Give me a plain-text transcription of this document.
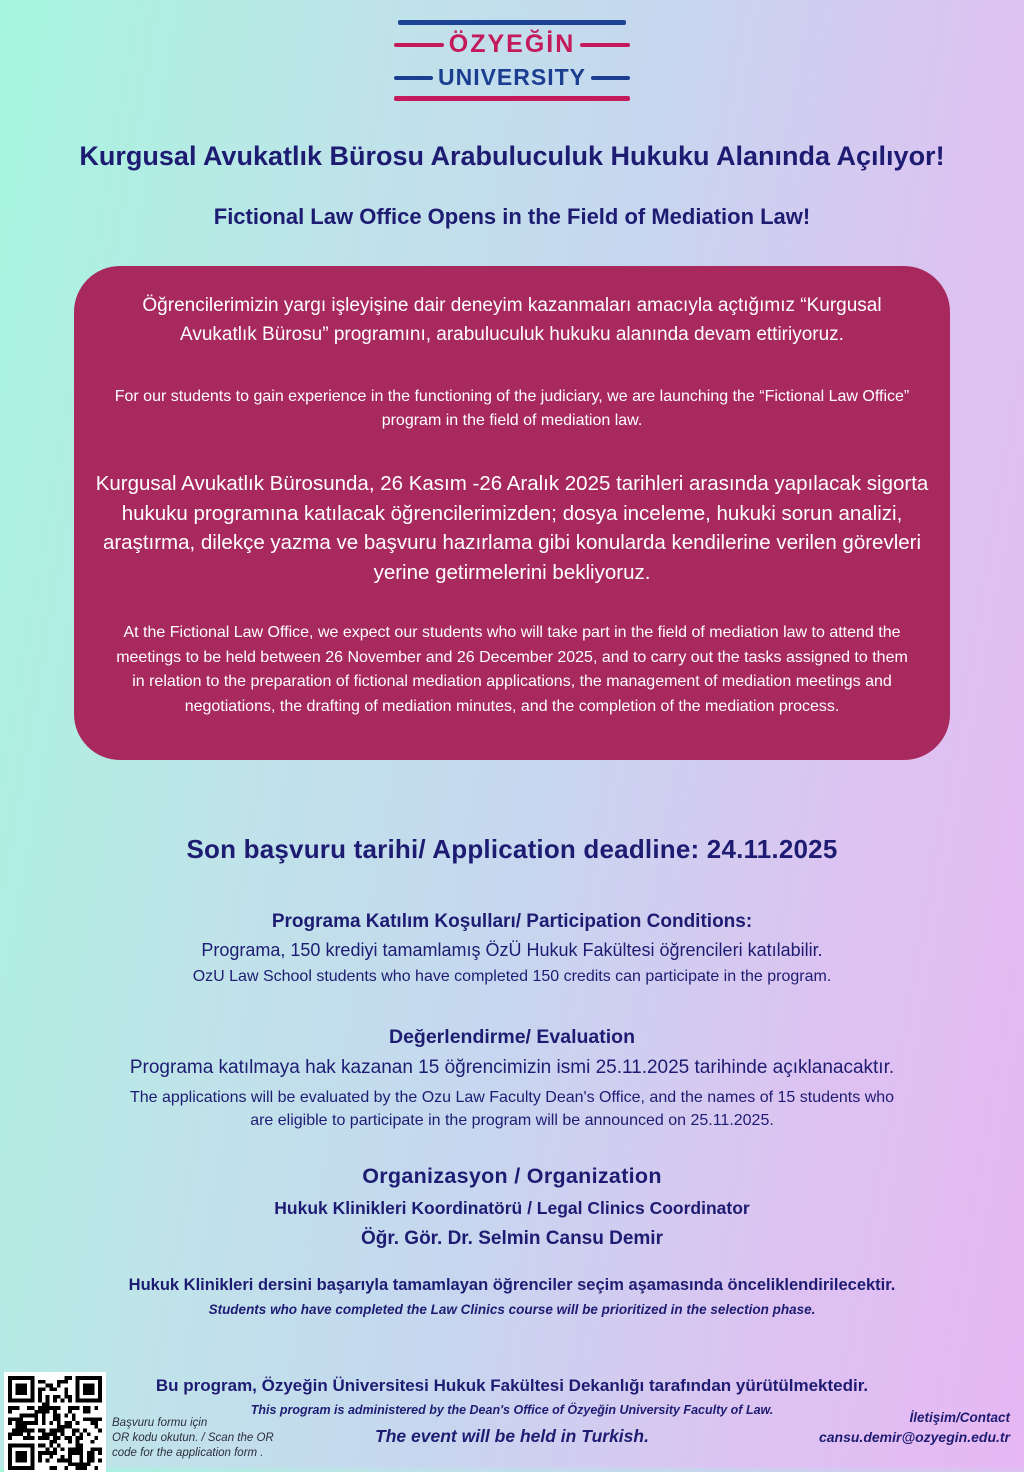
ÖZYEĞİN
UNIVERSITY
Kurgusal Avukatlık Bürosu Arabuluculuk Hukuku Alanında Açılıyor!
Fictional Law Office Opens in the Field of Mediation Law!

Öğrencilerimizin yargı işleyişine dair deneyim kazanmaları amacıyla açtığımız “Kurgusal Avukatlık Bürosu” programını, arabuluculuk hukuku alanında devam ettiriyoruz.

For our students to gain experience in the functioning of the judiciary, we are launching the “Fictional Law Office” program in the field of mediation law.

Kurgusal Avukatlık Bürosunda, 26 Kasım -26 Aralık 2025 tarihleri arasında yapılacak sigorta hukuku programına katılacak öğrencilerimizden; dosya inceleme, hukuki sorun analizi, araştırma, dilekçe yazma ve başvuru hazırlama gibi konularda kendilerine verilen görevleri yerine getirmelerini bekliyoruz.

At the Fictional Law Office, we expect our students who will take part in the field of mediation law to attend the meetings to be held between 26 November and 26 December 2025, and to carry out the tasks assigned to them in relation to the preparation of fictional mediation applications, the management of mediation meetings and negotiations, the drafting of mediation minutes, and the completion of the mediation process.

Son başvuru tarihi/ Application deadline: 24.11.2025
Programa Katılım Koşulları/ Participation Conditions:
Programa, 150 krediyi tamamlamış ÖzÜ Hukuk Fakültesi öğrencileri katılabilir.
OzU Law School students who have completed 150 credits can participate in the program.
Değerlendirme/ Evaluation
Programa katılmaya hak kazanan 15 öğrencimizin ismi 25.11.2025 tarihinde açıklanacaktır.
The applications will be evaluated by the Ozu Law Faculty Dean's Office, and the names of 15 students who are eligible to participate in the program will be announced on 25.11.2025.
Organizasyon / Organization
Hukuk Klinikleri Koordinatörü / Legal Clinics Coordinator
Öğr. Gör. Dr. Selmin Cansu Demir
Hukuk Klinikleri dersini başarıyla tamamlayan öğrenciler seçim aşamasında önceliklendirilecektir.
Students who have completed the Law Clinics course will be prioritized in the selection phase.
Bu program, Özyeğin Üniversitesi Hukuk Fakültesi Dekanlığı tarafından yürütülmektedir.
This program is administered by the Dean's Office of Özyeğin University Faculty of Law.
The event will be held in Turkish.
Başvuru formu için
OR kodu okutun. / Scan the OR
code for the application form .
İletişim/Contact
cansu.demir@ozyegin.edu.tr
